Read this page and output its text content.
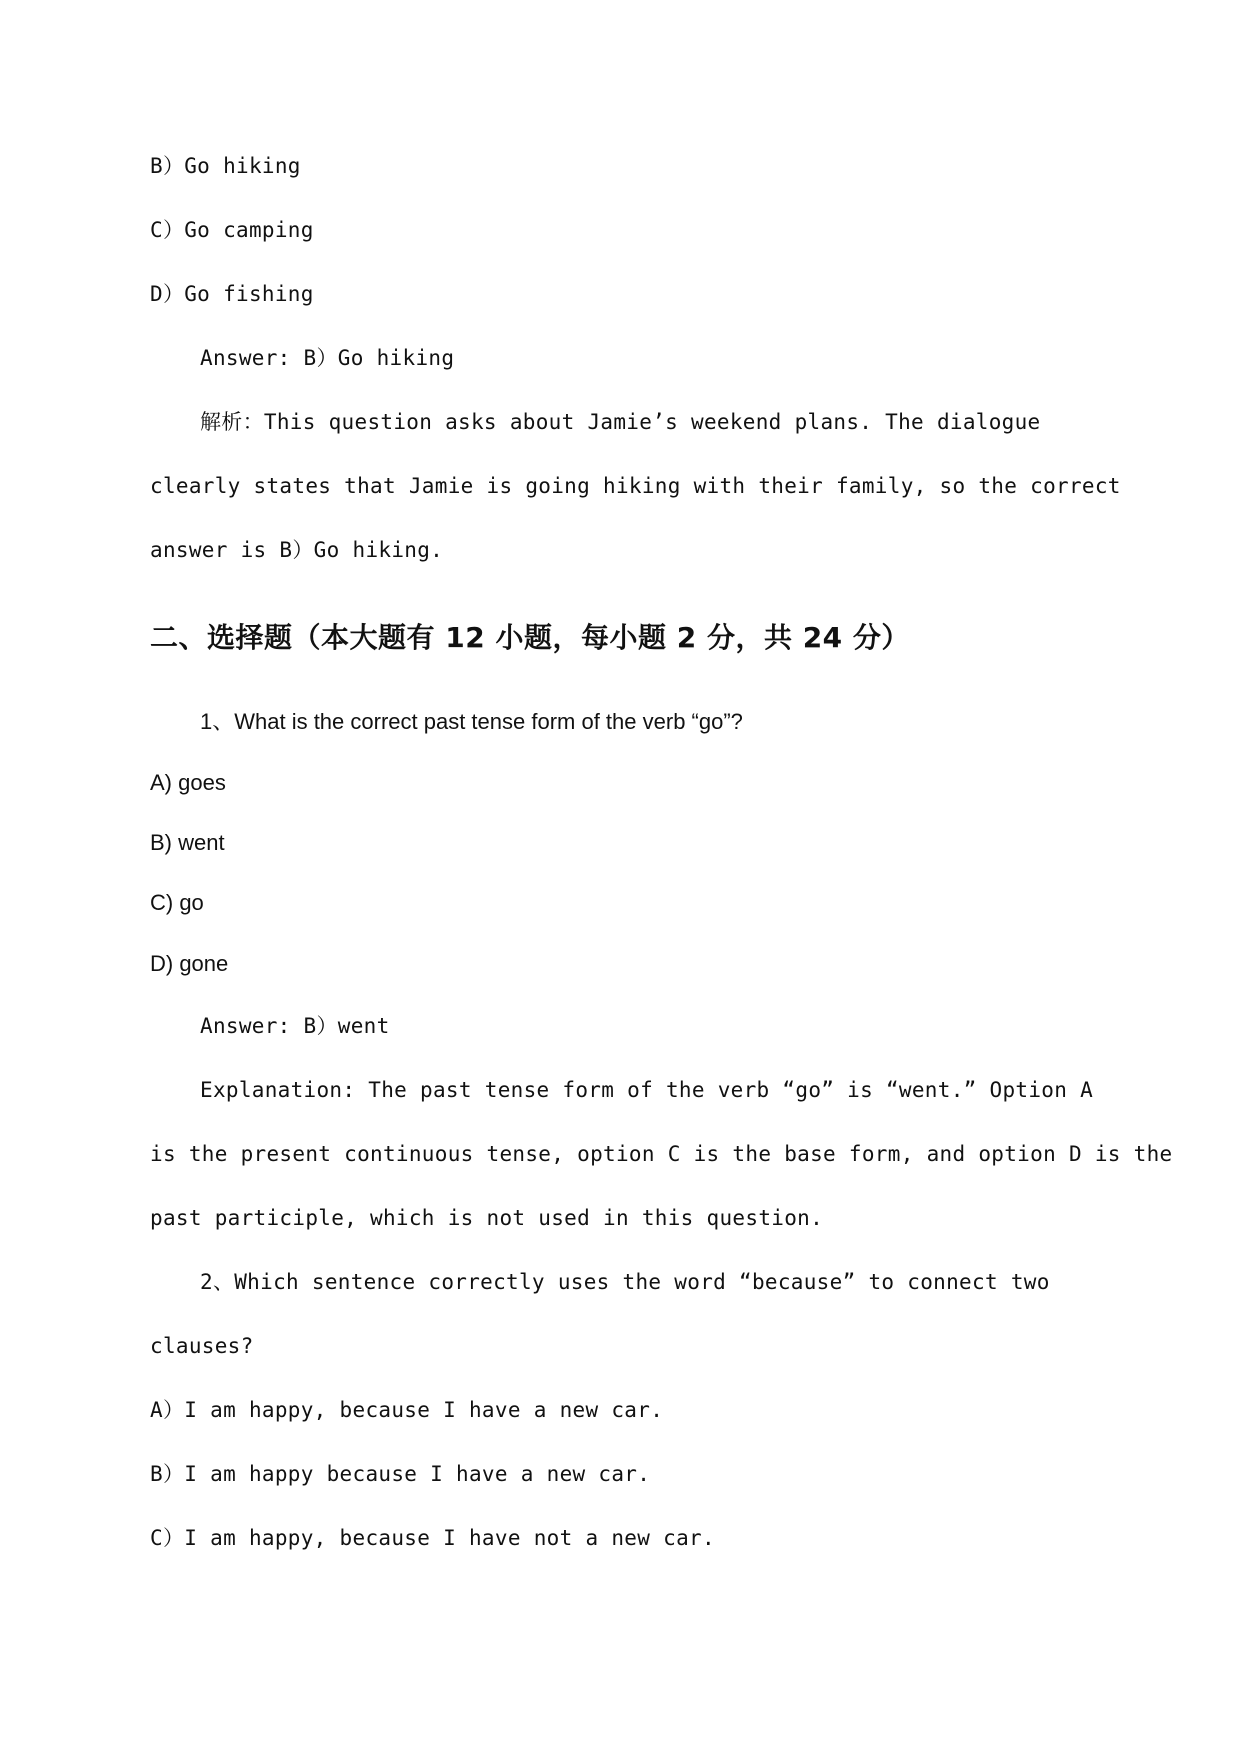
B）Go hiking
C）Go camping
D）Go fishing
Answer: B）Go hiking
解析：This question asks about Jamie’s weekend plans. The dialogue
clearly states that Jamie is going hiking with their family, so the correct
answer is B）Go hiking.
二、选择题（本大题有 12 小题，每小题 2 分，共 24 分）
1、What is the correct past tense form of the verb “go”?
A) goes
B) went
C) go
D) gone
Answer: B）went
Explanation: The past tense form of the verb “go” is “went.” Option A
is the present continuous tense, option C is the base form, and option D is the
past participle, which is not used in this question.
2、Which sentence correctly uses the word “because” to connect two
clauses?
A）I am happy, because I have a new car.
B）I am happy because I have a new car.
C）I am happy, because I have not a new car.
